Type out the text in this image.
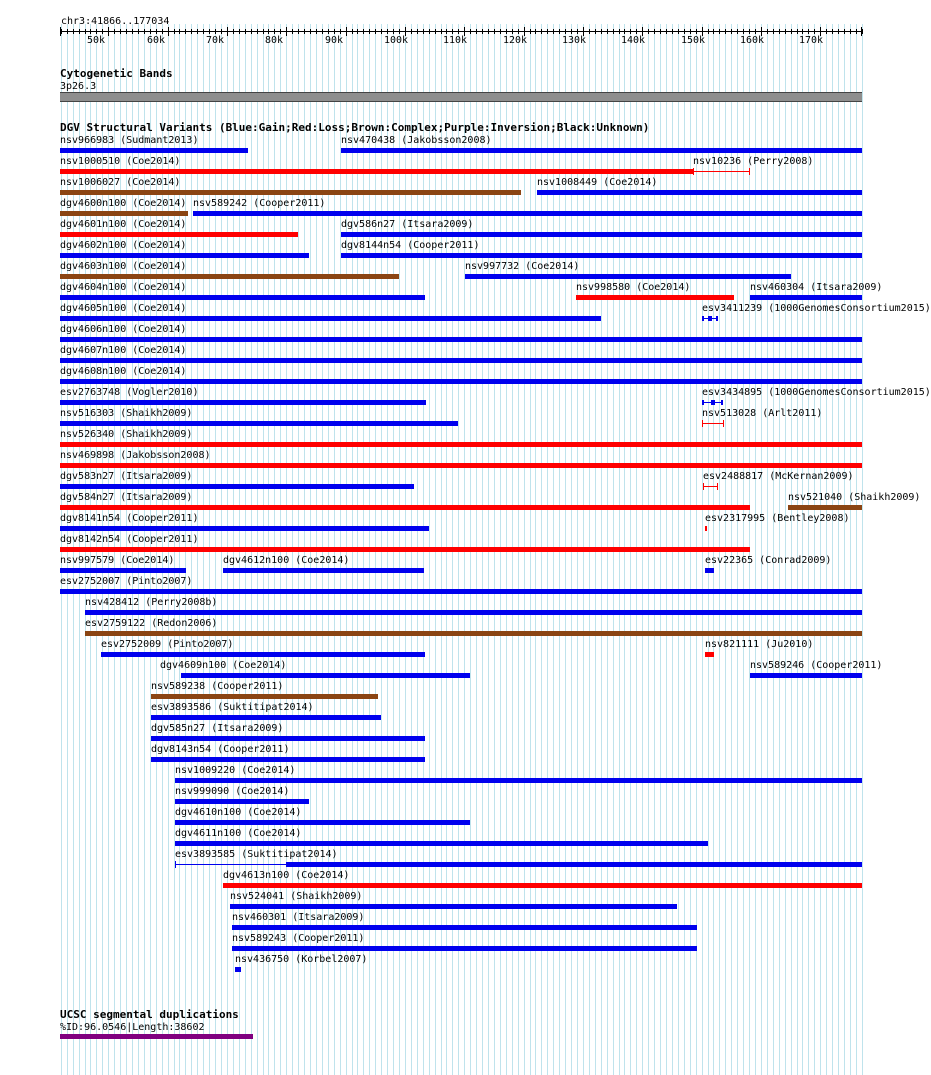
chr3:41866..177034
50k	60k	70k	80k	90k	100k	110k	120k	130k	140k	150k	160k	170k
Cytogenetic Bands
3p26.3
DGV Structural Variants (Blue:Gain;Red:Loss;Brown:Complex;Purple:Inversion;Black:Unknown)
nsv966983 (Sudmant2013)	nsv470438 (Jakobsson2008)
nsv1000510 (Coe2014)	nsv10236 (Perry2008)
nsv1006027 (Coe2014)	nsv1008449 (Coe2014)
dgv4600n100 (Coe2014) nsv589242 (Cooper2011)
dgv4601n100 (Coe2014)	dgv586n27 (Itsara2009)
dgv4602n100 (Coe2014)	dgv8144n54 (Cooper2011)
dgv4603n100 (Coe2014)	nsv997732 (Coe2014)
dgv4604n100 (Coe2014)	nsv998580 (Coe2014)	nsv460304 (Itsara2009)
dgv4605n100 (Coe2014)	esv3411239 (1000GenomesConsortium2015)
dgv4606n100 (Coe2014)
dgv4607n100 (Coe2014)
dgv4608n100 (Coe2014)
esv2763748 (Vogler2010)	esv3434895 (1000GenomesConsortium2015)
nsv516303 (Shaikh2009)	nsv513028 (Arlt2011)
nsv526340 (Shaikh2009)
nsv469898 (Jakobsson2008)
dgv583n27 (Itsara2009)	esv2488817 (McKernan2009)
dgv584n27 (Itsara2009)	nsv521040 (Shaikh2009)
dgv8141n54 (Cooper2011)	esv2317995 (Bentley2008)
dgv8142n54 (Cooper2011)
nsv997579 (Coe2014)	dgv4612n100 (Coe2014)	esv22365 (Conrad2009)
esv2752007 (Pinto2007)
nsv428412 (Perry2008b)
esv2759122 (Redon2006)
esv2752009 (Pinto2007)	nsv821111 (Ju2010)
dgv4609n100 (Coe2014)	nsv589246 (Cooper2011)
nsv589238 (Cooper2011)
esv3893586 (Suktitipat2014)
dgv585n27 (Itsara2009)
dgv8143n54 (Cooper2011)
nsv1009220 (Coe2014)
nsv999090 (Coe2014)
dgv4610n100 (Coe2014)
dgv4611n100 (Coe2014)
esv3893585 (Suktitipat2014)
dgv4613n100 (Coe2014)
nsv524041 (Shaikh2009)
nsv460301 (Itsara2009)
nsv589243 (Cooper2011)
nsv436750 (Korbel2007)
UCSC segmental duplications
%ID:96.0546|Length:38602
